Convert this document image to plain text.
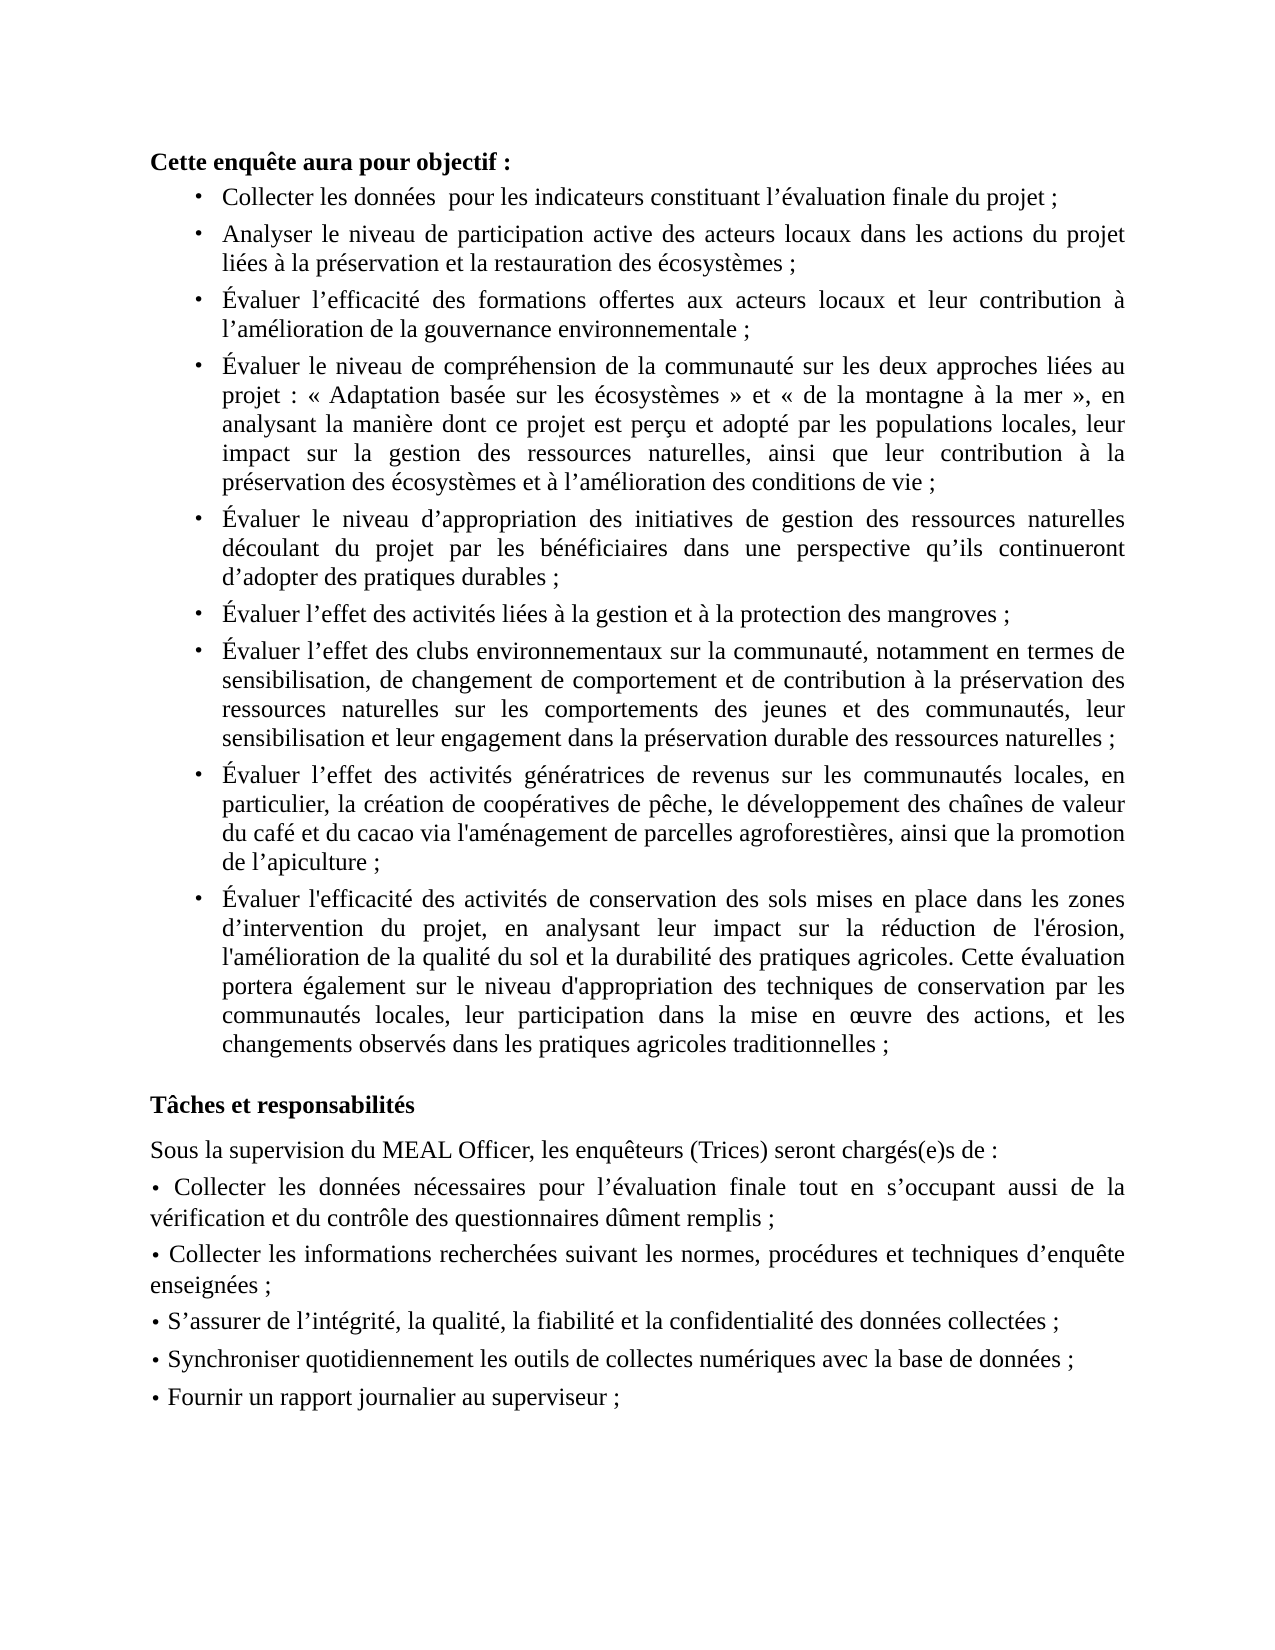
Cette enquête aura pour objectif :
• Collecter les données  pour les indicateurs constituant l’évaluation finale du projet ;
• Analyser le niveau de participation active des acteurs locaux dans les actions du projet liées à la préservation et la restauration des écosystèmes ;
• Évaluer l’efficacité des formations offertes aux acteurs locaux et leur contribution à l’amélioration de la gouvernance environnementale ;
• Évaluer le niveau de compréhension de la communauté sur les deux approches liées au projet : « Adaptation basée sur les écosystèmes » et « de la montagne à la mer », en analysant la manière dont ce projet est perçu et adopté par les populations locales, leur impact sur la gestion des ressources naturelles, ainsi que leur contribution à la préservation des écosystèmes et à l’amélioration des conditions de vie ;
• Évaluer le niveau d’appropriation des initiatives de gestion des ressources naturelles découlant du projet par les bénéficiaires dans une perspective qu’ils continueront d’adopter des pratiques durables ;
• Évaluer l’effet des activités liées à la gestion et à la protection des mangroves ;
• Évaluer l’effet des clubs environnementaux sur la communauté, notamment en termes de sensibilisation, de changement de comportement et de contribution à la préservation des ressources naturelles sur les comportements des jeunes et des communautés, leur sensibilisation et leur engagement dans la préservation durable des ressources naturelles ;
• Évaluer l’effet des activités génératrices de revenus sur les communautés locales, en particulier, la création de coopératives de pêche, le développement des chaînes de valeur du café et du cacao via l'aménagement de parcelles agroforestières, ainsi que la promotion de l’apiculture ;
• Évaluer l'efficacité des activités de conservation des sols mises en place dans les zones d’intervention du projet, en analysant leur impact sur la réduction de l'érosion, l'amélioration de la qualité du sol et la durabilité des pratiques agricoles. Cette évaluation portera également sur le niveau d'appropriation des techniques de conservation par les communautés locales, leur participation dans la mise en œuvre des actions, et les changements observés dans les pratiques agricoles traditionnelles ;
Tâches et responsabilités

Sous la supervision du MEAL Officer, les enquêteurs (Trices) seront chargés(e)s de :

• Collecter les données nécessaires pour l’évaluation finale tout en s’occupant aussi de la vérification et du contrôle des questionnaires dûment remplis ;

• Collecter les informations recherchées suivant les normes, procédures et techniques d’enquête enseignées ;

• S’assurer de l’intégrité, la qualité, la fiabilité et la confidentialité des données collectées ;

• Synchroniser quotidiennement les outils de collectes numériques avec la base de données ;

• Fournir un rapport journalier au superviseur ;
